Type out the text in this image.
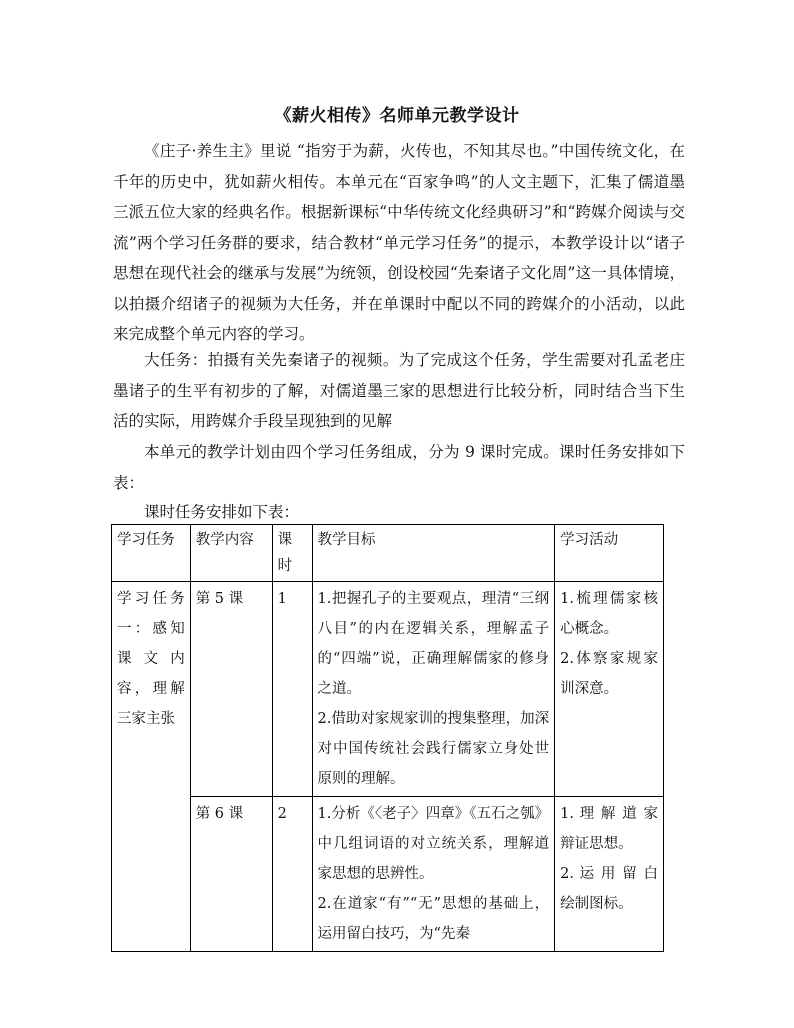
《薪火相传》名师单元教学设计

《庄子·养生主》里说 “指穷于为薪，火传也，不知其尽也。”中国传统文化，在千年的历史中，犹如薪火相传。本单元在“百家争鸣”的人文主题下，汇集了儒道墨三派五位大家的经典名作。根据新课标“中华传统文化经典研习”和“跨媒介阅读与交流”两个学习任务群的要求，结合教材“单元学习任务”的提示，本教学设计以“诸子思想在现代社会的继承与发展”为统领，创设校园“先秦诸子文化周”这一具体情境，以拍摄介绍诸子的视频为大任务，并在单课时中配以不同的跨媒介的小活动，以此来完成整个单元内容的学习。

大任务：拍摄有关先秦诸子的视频。为了完成这个任务，学生需要对孔孟老庄墨诸子的生平有初步的了解，对儒道墨三家的思想进行比较分析，同时结合当下生活的实际，用跨媒介手段呈现独到的见解

本单元的教学计划由四个学习任务组成，分为 9 课时完成。课时任务安排如下表：

课时任务安排如下表：

学习任务	教学内容	课时	教学目标	学习活动
学习任务一：感知课文内容，理解三家主张	第 5 课	1	1.把握孔子的主要观点，理清“三纲八目”的内在逻辑关系，理解孟子的“四端”说，正确理解儒家的修身之道。
2.借助对家规家训的搜集整理，加深对中国传统社会践行儒家立身处世原则的理解。	1.梳理儒家核心概念。
2.体察家规家训深意。

	第 6 课	2	1.分析《〈老子〉四章》《五石之瓠》中几组词语的对立统关系，理解道家思想的思辨性。
2.在道家“有”“无”思想的基础上，运用留白技巧，为“先秦	1. 理 解 道 家辩证思想。
2. 运 用 留 白绘制图标。
